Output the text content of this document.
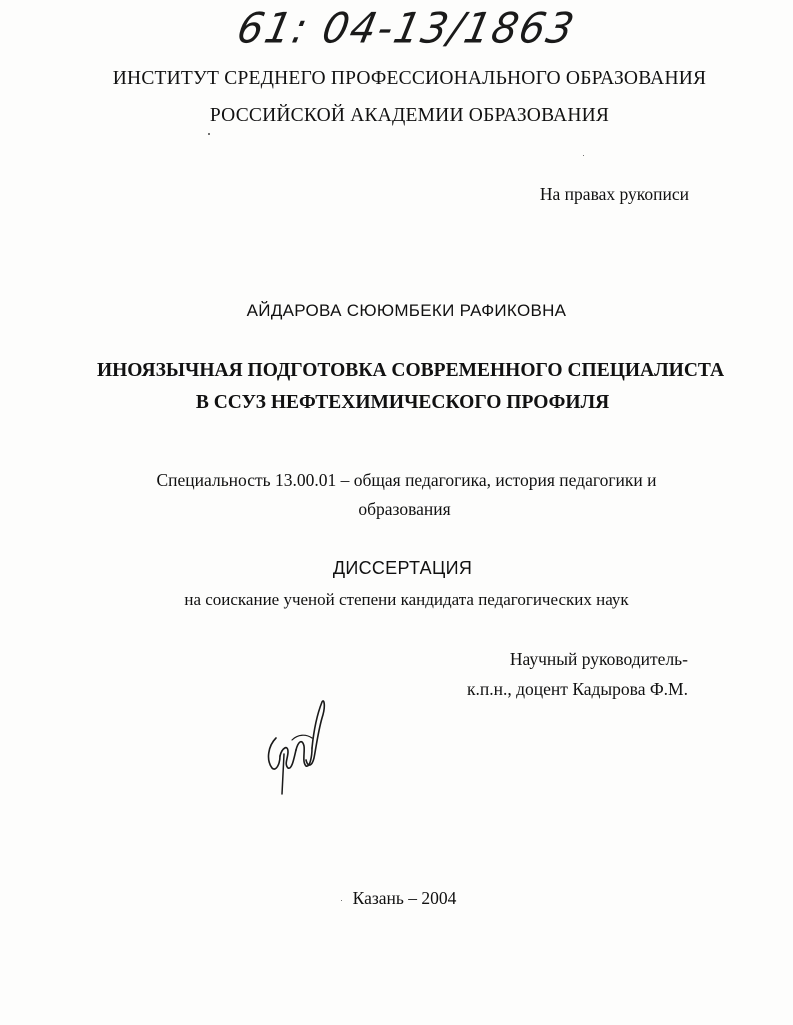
61: 04-13/1863
ИНСТИТУТ СРЕДНЕГО ПРОФЕССИОНАЛЬНОГО ОБРАЗОВАНИЯ
РОССИЙСКОЙ АКАДЕМИИ ОБРАЗОВАНИЯ
На правах рукописи
АЙДАРОВА СЮЮМБЕКИ РАФИКОВНА
ИНОЯЗЫЧНАЯ ПОДГОТОВКА СОВРЕМЕННОГО СПЕЦИАЛИСТА
В ССУЗ НЕФТЕХИМИЧЕСКОГО ПРОФИЛЯ
Специальность 13.00.01 – общая педагогика, история педагогики и
образования
ДИССЕРТАЦИЯ
на соискание ученой степени кандидата педагогических наук
Научный руководитель-
к.п.н., доцент Кадырова Ф.М.
Казань – 2004
